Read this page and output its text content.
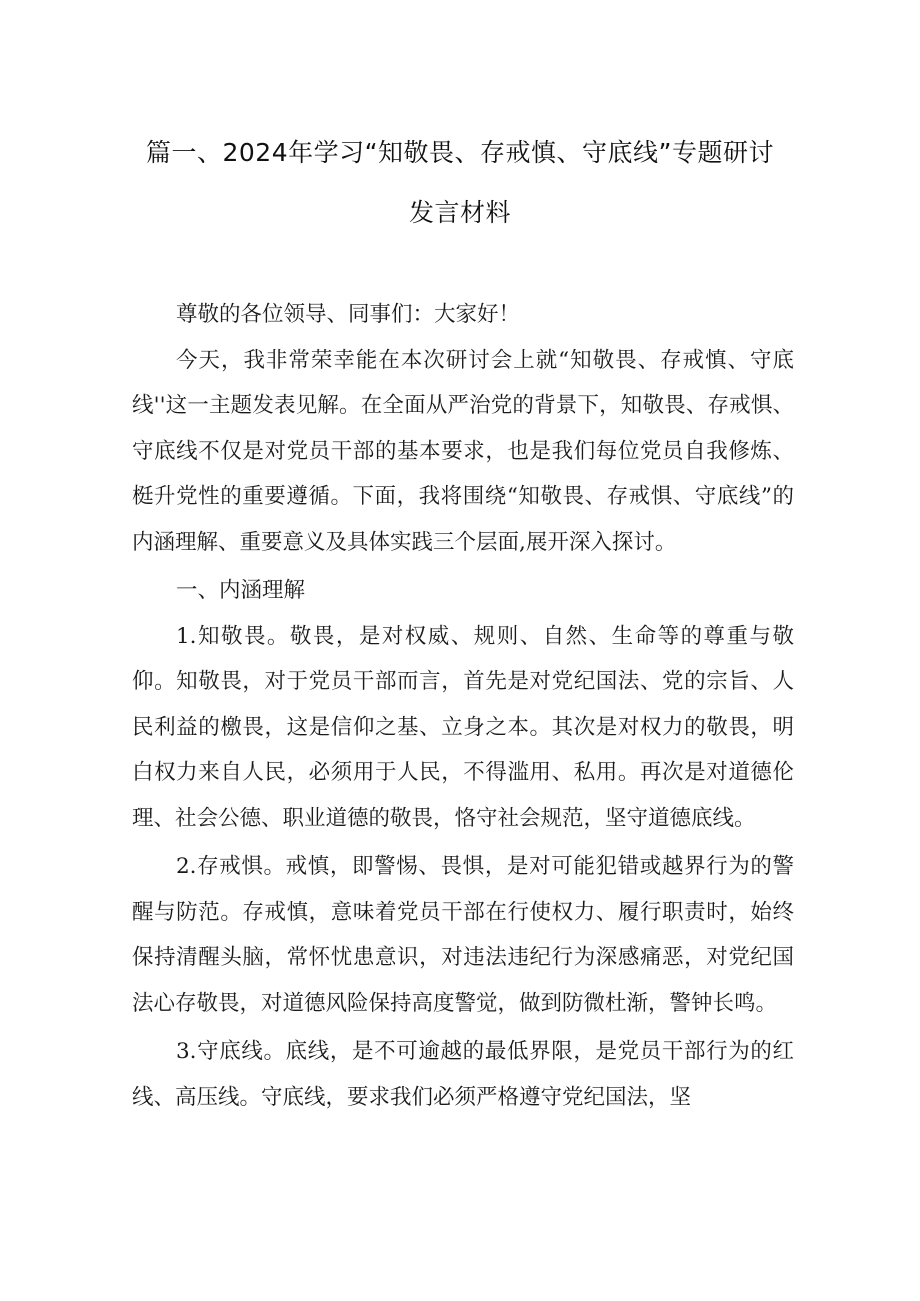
篇一、2024年学习“知敬畏、存戒慎、守底线”专题研讨
发言材料

尊敬的各位领导、同事们：大家好！

今天，我非常荣幸能在本次研讨会上就“知敬畏、存戒慎、守底线''这一主题发表见解。在全面从严治党的背景下，知敬畏、存戒惧、守底线不仅是对党员干部的基本要求，也是我们每位党员自我修炼、梃升党性的重要遵循。下面，我将围绕“知敬畏、存戒惧、守底线”的内涵理解、重要意义及具体实践三个层面,展开深入探讨。

一、内涵理解

1.知敬畏。敬畏，是对权威、规则、自然、生命等的尊重与敬仰。知敬畏，对于党员干部而言，首先是对党纪国法、党的宗旨、人民利益的檄畏，这是信仰之基、立身之本。其次是对权力的敬畏，明白权力来自人民，必须用于人民，不得滥用、私用。再次是对道德伦理、社会公德、职业道德的敬畏，恪守社会规范，坚守道德底线。

2.存戒惧。戒慎，即警惕、畏惧，是对可能犯错或越界行为的警醒与防范。存戒慎，意味着党员干部在行使权力、履行职责时，始终保持清醒头脑，常怀忧患意识，对违法违纪行为深感痛恶，对党纪国法心存敬畏，对道德风险保持高度警觉，做到防微杜渐，警钟长鸣。

3.守底线。底线，是不可逾越的最低界限，是党员干部行为的红线、高压线。守底线，要求我们必须严格遵守党纪国法，坚
